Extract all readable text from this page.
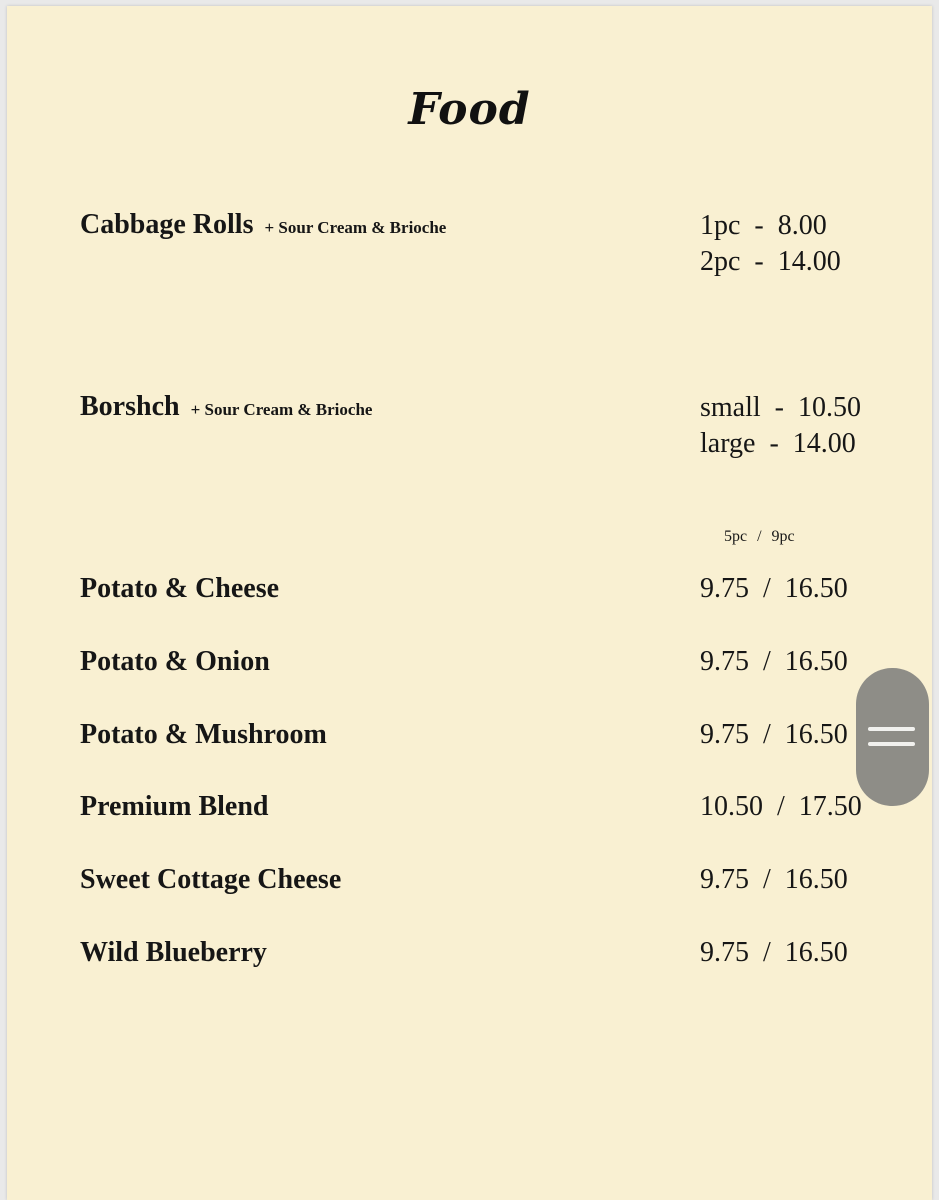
Food
Cabbage Rolls + Sour Cream & Brioche	1pc  -  8.00
2pc  -  14.00
Borshch + Sour Cream & Brioche	small  -  10.50
large  -  14.00
5pc / 9pc
Potato & Cheese	9.75  /  16.50
Potato & Onion	9.75  /  16.50
Potato & Mushroom	9.75  /  16.50
Premium Blend	10.50  /  17.50
Sweet Cottage Cheese	9.75  /  16.50
Wild Blueberry	9.75  /  16.50
